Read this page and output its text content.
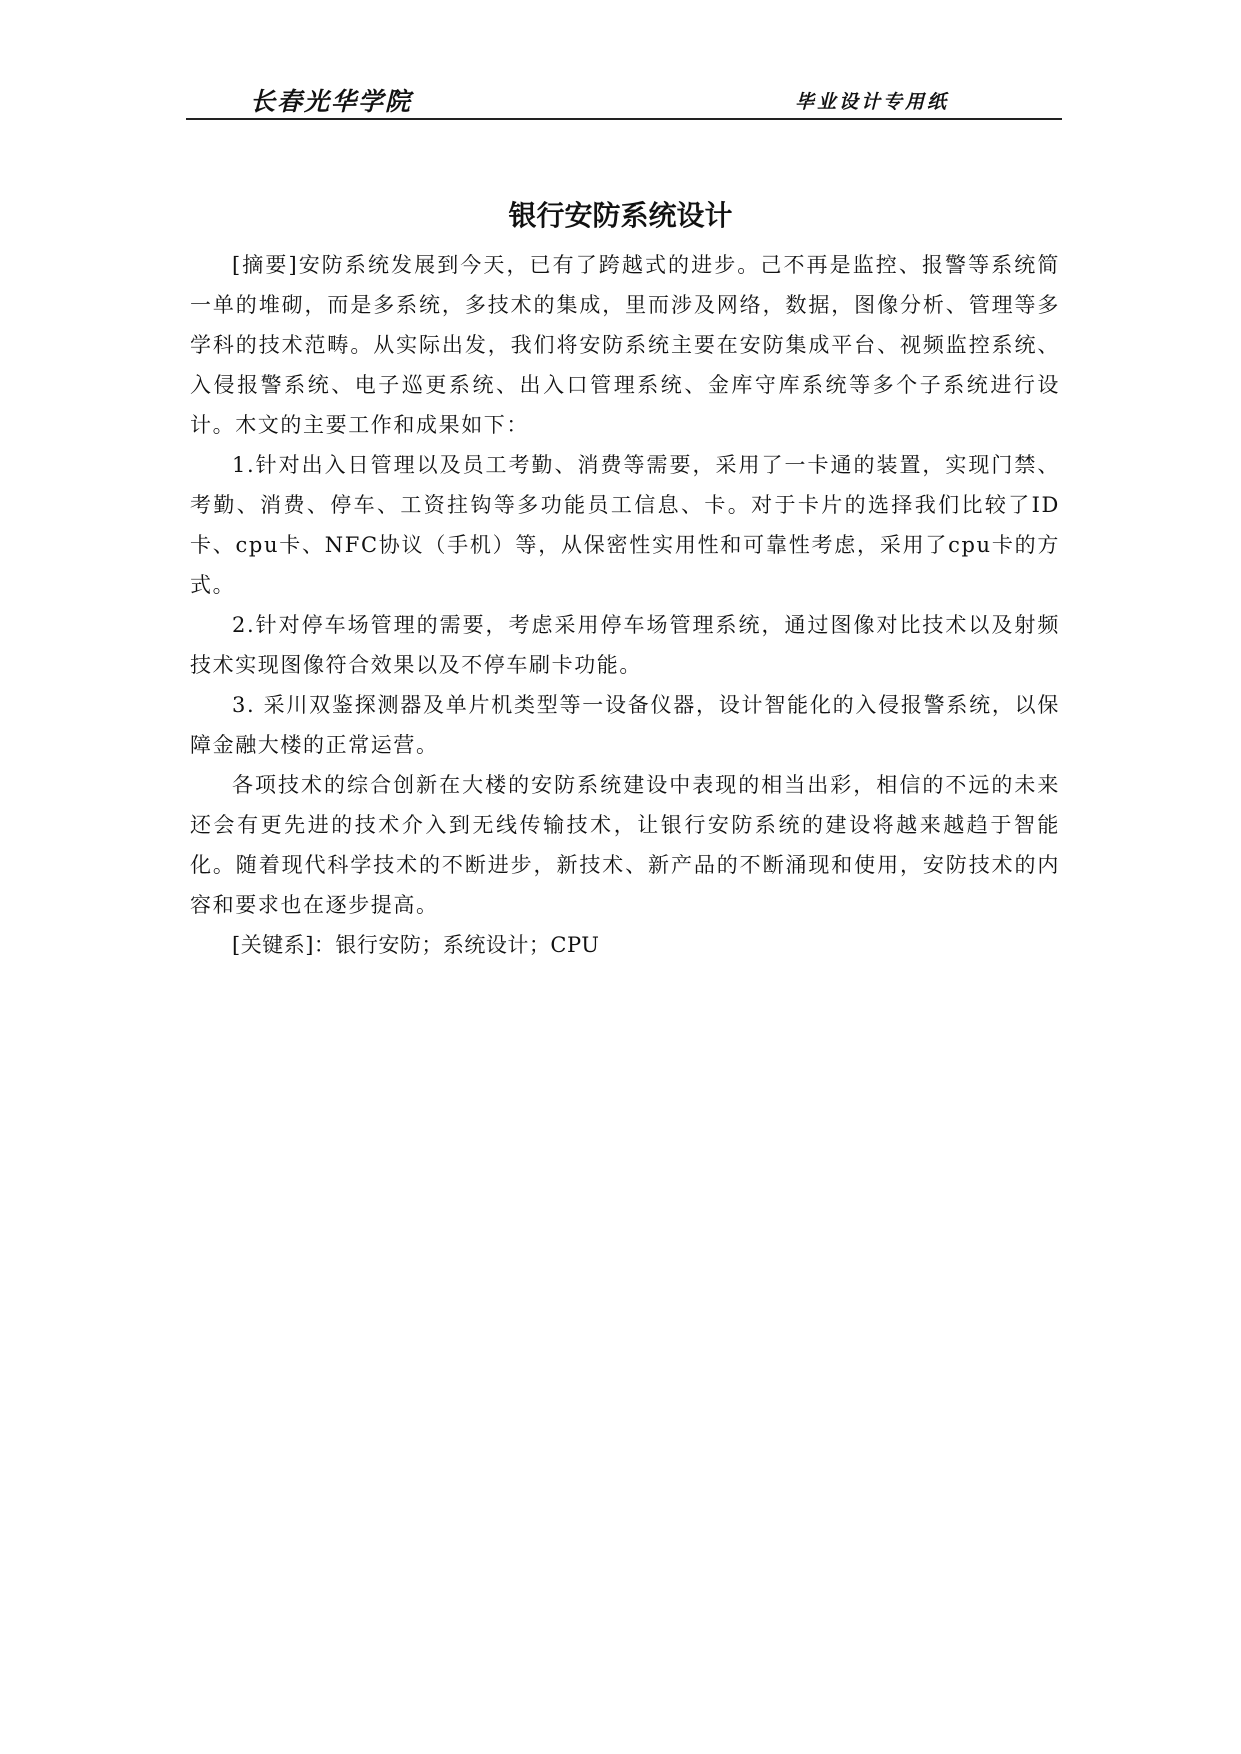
长春光华学院	毕业设计专用纸
银行安防系统设计

[摘要]安防系统发展到今天，已有了跨越式的进步。己不再是监控、报警等系统简一单的堆砌，而是多系统，多技术的集成，里而涉及网络，数据，图像分析、管理等多学科的技术范畴。从实际出发，我们将安防系统主要在安防集成平台、视频监控系统、入侵报警系统、电子巡更系统、出入口管理系统、金库守库系统等多个子系统进行设计。木文的主要工作和成果如下：

1.针对出入日管理以及员工考勤、消费等需要，采用了一卡通的装置，实现门禁、考勤、消费、停车、工资拄钩等多功能员工信息、卡。对于卡片的选择我们比较了ID卡、cpu卡、NFC协议（手机）等，从保密性实用性和可靠性考虑，采用了cpu卡的方式。

2.针对停车场管理的需要，考虑采用停车场管理系统，通过图像对比技术以及射频技术实现图像符合效果以及不停车刷卡功能。

3. 采川双鉴探测器及单片机类型等一设备仪器，设计智能化的入侵报警系统，以保障金融大楼的正常运营。

各项技术的综合创新在大楼的安防系统建设中表现的相当出彩，相信的不远的未来还会有更先进的技术介入到无线传输技术，让银行安防系统的建设将越来越趋于智能化。随着现代科学技术的不断进步，新技术、新产品的不断涌现和使用，安防技术的内容和要求也在逐步提高。

[关键系]：银行安防；系统设计；CPU
